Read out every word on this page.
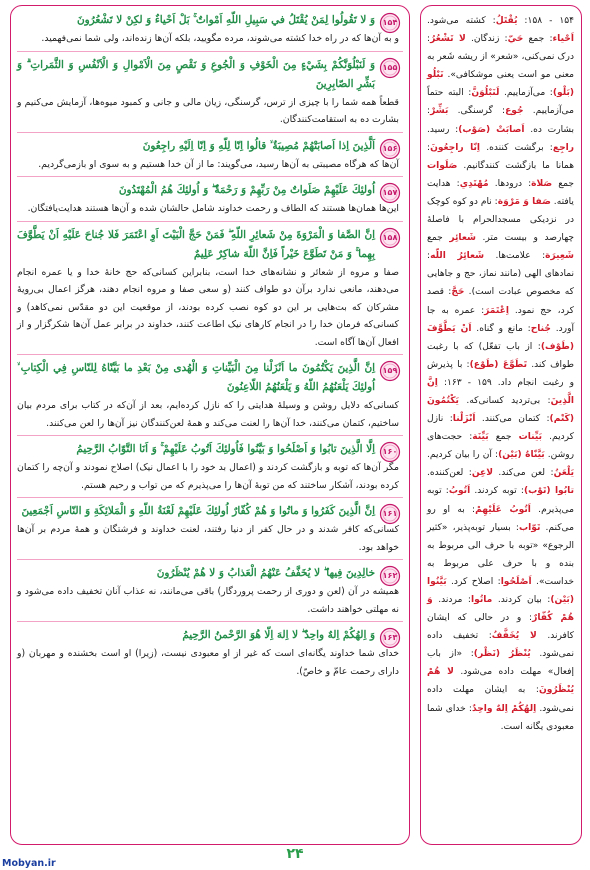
۱۵۴
وَ لا تَقُولُوا لِمَنْ يُقْتَلُ في سَبِيلِ اللّهِ اَمْواتٌ ۚ بَلْ اَحْياءٌ وَ لكِنْ لا تَشْعُرُونَ
و به آن‌ها که در راه خدا کشته می‌شوند، مرده مگویید، بلکه آن‌ها زنده‌اند، ولی شما نمی‌فهمید.
۱۵۵
وَ لَنَبْلُوَنَّكُمْ بِشَيْءٍ مِنَ الْخَوْفِ وَ الْجُوعِ وَ نَقْصٍ مِنَ الْاَمْوالِ وَ الْاَنْفُسِ وَ الثَّمَراتِ ۗ وَ بَشِّرِ الصّابِرِينَ
قطعاً همه شما را با چیزی از ترس، گرسنگی، زیان مالی و جانی و کمبود میوه‌ها، آزمایش می‌کنیم و بشارت ده به استقامت‌کنندگان.
۱۵۶
اَلَّذِينَ اِذا اَصابَتْهُمْ مُصِيبَةٌ ۙ قالُوا اِنّا لِلّهِ وَ اِنّا اِلَيْهِ راجِعُونَ
آن‌ها که هرگاه مصیبتی به آن‌ها رسید، می‌گویند: ما از آن خدا هستیم و به سوی او بازمی‌گردیم.
۱۵۷
اُولئِكَ عَلَيْهِمْ صَلَواتٌ مِنْ رَبِّهِمْ وَ رَحْمَةٌ ۖ وَ اُولئِكَ هُمُ الْمُهْتَدُونَ
این‌ها همان‌ها هستند که الطاف و رحمت خداوند شامل حالشان شده و آن‌ها هستند هدایت‌یافتگان.
۱۵۸
اِنَّ الصَّفا وَ الْمَرْوَةَ مِنْ شَعائِرِ اللّهِ ۖ فَمَنْ حَجَّ الْبَيْتَ اَوِ اعْتَمَرَ فَلا جُناحَ عَلَيْهِ اَنْ يَطَّوَّفَ بِهِما ۚ وَ مَنْ تَطَوَّعَ خَيْراً فَاِنَّ اللّهَ شاكِرٌ عَلِيمٌ
صفا و مروه از شعائر و نشانه‌های خدا است، بنابراین کسانی‌که حج خانهٔ خدا و یا عمره انجام می‌دهند، مانعی ندارد برآن دو طواف کنند (و سعی صفا و مروه انجام دهند، هرگز اعمال بی‌رویهٔ مشرکان که بت‌هایی بر این دو کوه نصب کرده بودند، از موقعیت این دو مقدّس نمی‌کاهد) و کسانی‌که فرمان خدا را در انجام کارهای نیک اطاعت کنند، خداوند در برابر عمل آن‌ها شکرگزار و از افعال آن‌ها آگاه است.
۱۵۹
اِنَّ الَّذِينَ يَكْتُمُونَ ما اَنْزَلْنا مِنَ الْبَيِّناتِ وَ الْهُدى مِنْ بَعْدِ ما بَيَّنّاهُ لِلنّاسِ فِي الْكِتابِ ۙ اُولئِكَ يَلْعَنُهُمُ اللّهُ وَ يَلْعَنُهُمُ اللّاعِنُونَ
کسانی‌که دلایل روشن و وسیلهٔ هدایتی را که نازل کرده‌ایم، بعد از آن‌که در کتاب برای مردم بیان ساختیم، کتمان می‌کنند، خدا آن‌ها را لعنت می‌کند و همهٔ لعن‌کنندگان نیز آن‌ها را لعن می‌کنند.
۱۶۰
اِلَّا الَّذِينَ تابُوا وَ اَصْلَحُوا وَ بَيَّنُوا فَاُولئِكَ اَتُوبُ عَلَيْهِمْ ۚ وَ اَنَا التَّوّابُ الرَّحِيمُ
مگر آن‌ها که توبه و بازگشت کردند و (اعمال بد خود را با اعمال نیک) اصلاح نمودند و آن‌چه را کتمان کرده بودند، آشکار ساختند که من توبهٔ آن‌ها را می‌پذیرم که من تواب و رحیم هستم.
۱۶۱
اِنَّ الَّذِينَ كَفَرُوا وَ ماتُوا وَ هُمْ كُفّارٌ اُولئِكَ عَلَيْهِمْ لَعْنَةُ اللّهِ وَ الْمَلائِكَةِ وَ النّاسِ اَجْمَعِينَ
کسانی‌که کافر شدند و در حال کفر از دنیا رفتند، لعنت خداوند و فرشتگان و همهٔ مردم بر آن‌ها خواهد بود.
۱۶۲
خالِدِينَ فِيها ۖ لا يُخَفَّفُ عَنْهُمُ الْعَذابُ وَ لا هُمْ يُنْظَرُونَ
همیشه در آن (لعن و دوری از رحمت پروردگار) باقی می‌مانند، نه عذاب آنان تخفیف داده می‌شود و نه مهلتی خواهند داشت.
۱۶۳
وَ اِلهُكُمْ اِلهٌ واحِدٌ ۖ لا اِلهَ اِلّا هُوَ الرَّحْمنُ الرَّحِيمُ
خدای شما خداوند یگانه‌ای است که غیر از او معبودی نیست، (زیرا) او است بخشنده و مهربان (و دارای رحمت عامّ و خاصّ).
۱۵۴ - ۱۵۸: يُقْتَلُ: کشته می‌شود. اَحْياء: جمع حَيّ: زندگان. لا تَشْعُرُ: درک نمی‌کنی، «شعر» از ریشه شَعر به معنی مو است یعنی موشکافی». نَبْلُو (بَلْو): می‌آزماییم. لَنَبْلُوَنَّ: البته حتماً می‌آزماییم. جُوع: گرسنگی. بَشِّرْ: بشارت ده. اَصابَتْ (صَوْب): رسید. راجِع: برگشت کننده. اِنّا راجِعُونَ: همانا ما بازگشت کنندگانیم. صَلَوات جمع صَلاة: درودها. مُهْتَدِي: هدایت یافته. صَفا وَ مَرْوَة: نام دو کوه کوچک در نزدیکی مسجدالحرام با فاصلهٔ چهارصد و بیست متر. شَعائِر جمع شَعِيرَة: علامت‌ها. شَعائِرُ اللّه: نمادهای الهی (مانند نماز، حج و جاهایی که مخصوص عبادت است). حَجَّ: قصد کرد، حج نمود. اِعْتَمَرَ: عمره به جا آورد. جُناح: مانع و گناه. اَنْ يَطَّوَّفَ (طَوْف): از باب تفعّل) که با رغبت طواف کند. تَطَوَّعَ (طَوْع): با پذیرش و رغبت انجام داد. ۱۵۹ - ۱۶۳: اِنَّ الَّذِينَ: بی‌تردید کسانی‌که. يَكْتُمُونَ (كَتْم): کتمان می‌کنند. اَنْزَلْنا: نازل کردیم. بَيِّنات جمع بَيِّنَة: حجت‌های روشن. بَيَّنّاهُ (بَيْن): آن را بیان کردیم. يَلْعَنُ: لعن می‌کند. لاعِن: لعن‌کننده. تابُوا (تَوْب): توبه کردند. اَتُوبُ: توبه می‌پذیرم. اَتُوبُ عَلَيْهِمْ: به او رو می‌کنم. تَوّاب: بسیار توبه‌پذیر، «کثیر الرجوع» «توبه با حرف الی مربوط به بنده و با حرف علی مربوط به خداست». اَصْلَحُوا: اصلاح کرد. بَيَّنُوا (بَيْن): بیان کردند. ماتُوا: مردند. وَ هُمْ كُفّارٌ: و در حالی که ایشان کافرند. لا يُخَفَّفُ: تخفیف داده نمی‌شود. يُنْظَرُ (نَظْر): «از باب إفعال» مهلت داده می‌شود. لا هُمْ يُنْظَرُونَ: به ایشان مهلت داده نمی‌شود. اِلهُكُمْ اِلهٌ واحِدٌ: خدای شما معبودی یگانه است.
۲۴
Mobyan.ir
